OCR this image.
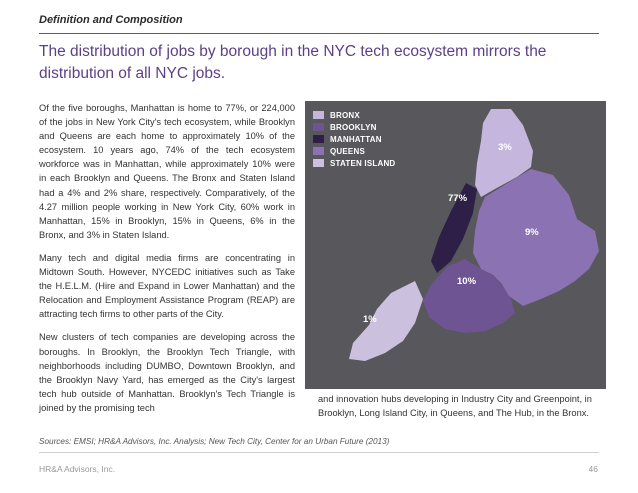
Definition and Composition
The distribution of jobs by borough in the NYC tech ecosystem mirrors the distribution of all NYC jobs.

Of the five boroughs, Manhattan is home to 77%, or 224,000 of the jobs in New York City's tech ecosystem, while Brooklyn and Queens are each home to approximately 10% of the ecosystem. 10 years ago, 74% of the tech ecosystem workforce was in Manhattan, while approximately 10% were in each Brooklyn and Queens. The Bronx and Staten Island had a 4% and 2% share, respectively. Comparatively, of the 4.27 million people working in New York City, 60% work in Manhattan, 15% in Brooklyn, 15% in Queens, 6% in the Bronx, and 3% in Staten Island.

Many tech and digital media firms are concentrating in Midtown South. However, NYCEDC initiatives such as Take the H.E.L.M. (Hire and Expand in Lower Manhattan) and the Relocation and Employment Assistance Program (REAP) are attracting tech firms to other parts of the City.

New clusters of tech companies are developing across the boroughs. In Brooklyn, the Brooklyn Tech Triangle, with neighborhoods including DUMBO, Downtown Brooklyn, and the Brooklyn Navy Yard, has emerged as the City's largest tech hub outside of Manhattan. Brooklyn's Tech Triangle is joined by the promising tech

BRONX
BROOKLYN
MANHATTAN
QUEENS
STATEN ISLAND
3%
77%
9%
10%
1%

and innovation hubs developing in Industry City and Greenpoint, in Brooklyn, Long Island City, in Queens, and The Hub, in the Bronx.

Sources: EMSI; HR&A Advisors, Inc. Analysis; New Tech City, Center for an Urban Future (2013)

HR&A Advisors, Inc.	46
